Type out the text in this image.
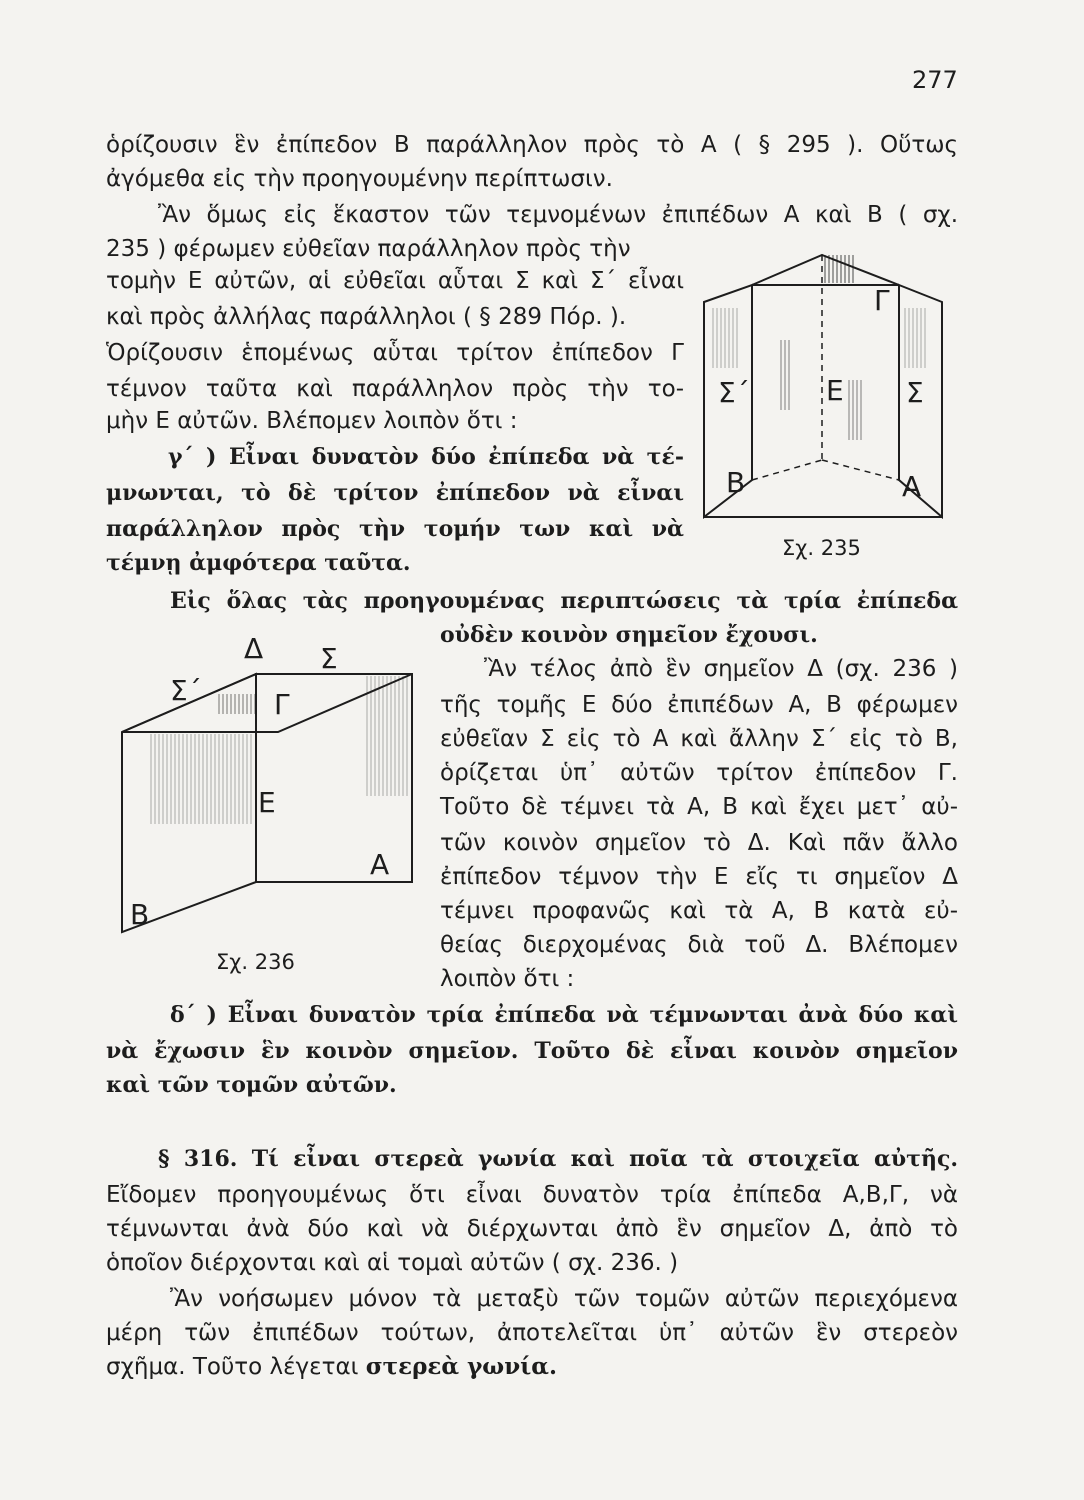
277
ὁρίζουσιν ἓν ἐπίπεδον Β παράλληλον πρὸς τὸ Α ( § 295 ). Οὕτως
ἀγόμεθα εἰς τὴν προηγουμένην περίπτωσιν.
Ἂν ὅμως εἰς ἕκαστον τῶν τεμνομένων ἐπιπέδων Α καὶ Β ( σχ.
235 ) φέρωμεν εὐθεῖαν παράλληλον πρὸς τὴν
τομὴν Ε αὐτῶν, αἱ εὐθεῖαι αὗται Σ καὶ Σ΄ εἶναι
καὶ πρὸς ἀλλήλας παράλληλοι ( § 289 Πόρ. ).
Ὁρίζουσιν ἑπομένως αὗται τρίτον ἐπίπεδον Γ
τέμνον ταῦτα καὶ παράλληλον πρὸς τὴν το-
μὴν Ε αὐτῶν. Βλέπομεν λοιπὸν ὅτι :
γ΄ ) Εἶναι δυνατὸν δύο ἐπίπεδα νὰ τέ-
μνωνται, τὸ δὲ τρίτον ἐπίπεδον νὰ εἶναι
παράλληλον πρὸς τὴν τομήν των καὶ νὰ
τέμνῃ ἀμφότερα ταῦτα.
Εἰς ὅλας τὰς προηγουμένας περιπτώσεις τὰ τρία ἐπίπεδα
οὐδὲν κοινὸν σημεῖον ἔχουσι.
Ἂν τέλος ἀπὸ ἓν σημεῖον Δ (σχ. 236 )
τῆς τομῆς Ε δύο ἐπιπέδων Α, Β φέρωμεν
εὐθεῖαν Σ εἰς τὸ Α καὶ ἄλλην Σ΄ εἰς τὸ Β,
ὁρίζεται ὑπ᾽ αὐτῶν τρίτον ἐπίπεδον Γ.
Τοῦτο δὲ τέμνει τὰ Α, Β καὶ ἔχει μετ᾽ αὐ-
τῶν κοινὸν σημεῖον τὸ Δ. Καὶ πᾶν ἄλλο
ἐπίπεδον τέμνον τὴν Ε εἴς τι σημεῖον Δ
τέμνει προφανῶς καὶ τὰ Α, Β κατὰ εὐ-
θείας διερχομένας διὰ τοῦ Δ. Βλέπομεν
λοιπὸν ὅτι :
δ΄ ) Εἶναι δυνατὸν τρία ἐπίπεδα νὰ τέμνωνται ἀνὰ δύο καὶ
νὰ ἔχωσιν ἓν κοινὸν σημεῖον. Τοῦτο δὲ εἶναι κοινὸν σημεῖον
καὶ τῶν τομῶν αὐτῶν.
§ 316. Τί εἶναι στερεὰ γωνία καὶ ποῖα τὰ στοιχεῖα αὐτῆς.
Εἴδομεν προηγουμένως ὅτι εἶναι δυνατὸν τρία ἐπίπεδα Α,Β,Γ, νὰ
τέμνωνται ἀνὰ δύο καὶ νὰ διέρχωνται ἀπὸ ἓν σημεῖον Δ, ἀπὸ τὸ
ὁποῖον διέρχονται καὶ αἱ τομαὶ αὐτῶν ( σχ. 236. )
Ἂν νοήσωμεν μόνον τὰ μεταξὺ τῶν τομῶν αὐτῶν περιεχόμενα
μέρη τῶν ἐπιπέδων τούτων, ἀποτελεῖται ὑπ᾽ αὐτῶν ἓν στερεὸν
σχῆμα. Τοῦτο λέγεται στερεὰ γωνία.
Γ
Σ΄	Ε Σ
Β	Α
Σχ. 235
Δ Σ
Σ΄	Γ
Ε
Α
Β
Σχ. 236
